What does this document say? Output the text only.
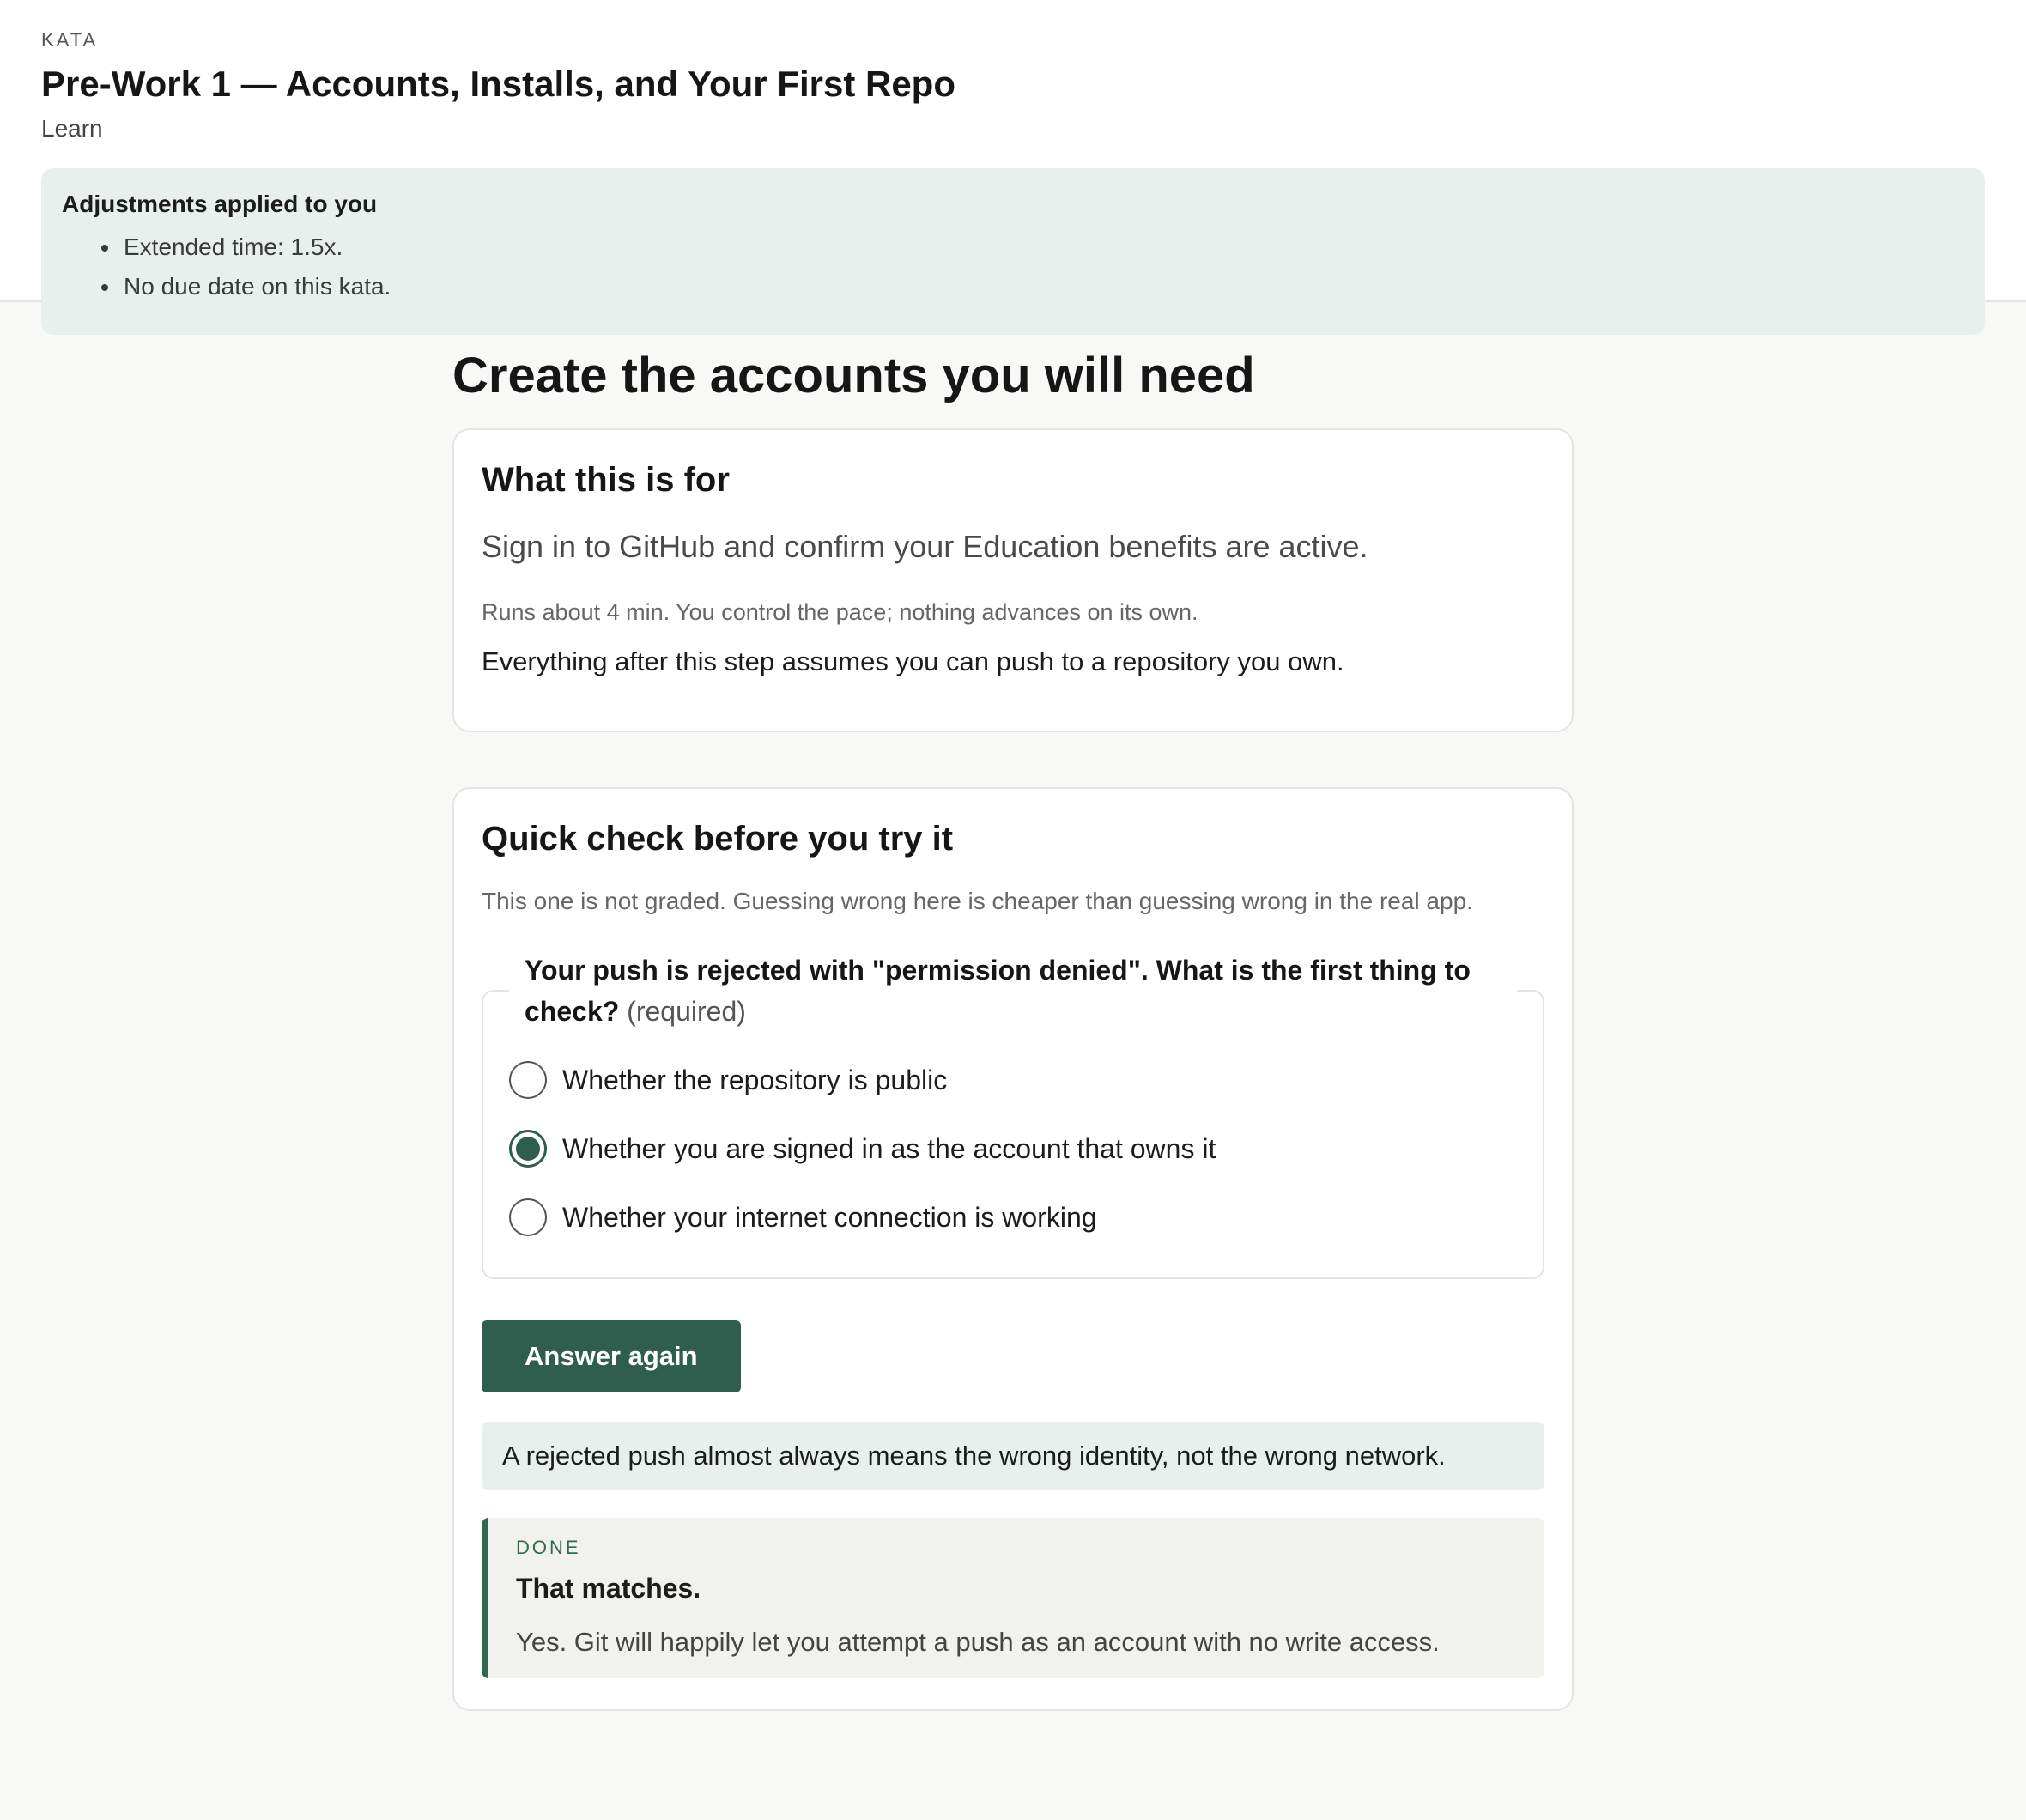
KATA
Pre-Work 1 — Accounts, Installs, and Your First Repo
Learn
Adjustments applied to you
Extended time: 1.5x.
No due date on this kata.
Create the accounts you will need
What this is for

Sign in to GitHub and confirm your Education benefits are active.

Runs about 4 min. You control the pace; nothing advances on its own.

Everything after this step assumes you can push to a repository you own.

Quick check before you try it

This one is not graded. Guessing wrong here is cheaper than guessing wrong in the real app.

Your push is rejected with "permission denied". What is the first thing to check? (required)
Whether the repository is public
Whether you are signed in as the account that owns it
Whether your internet connection is working
Answer again
A rejected push almost always means the wrong identity, not the wrong network.
DONE
That matches.

Yes. Git will happily let you attempt a push as an account with no write access.
